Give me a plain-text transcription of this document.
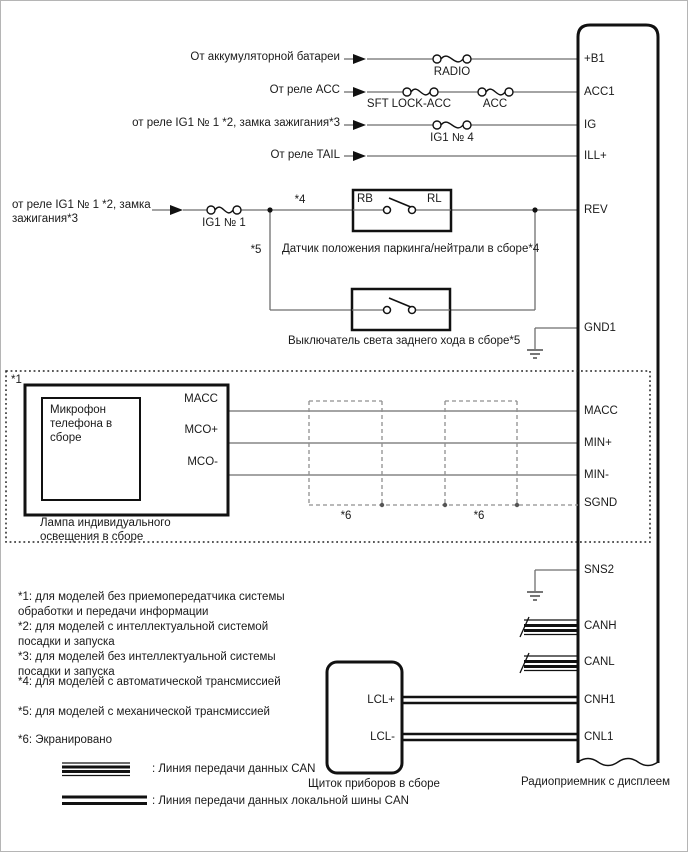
От аккумуляторной батареи
От реле ACC
от реле IG1 № 1 *2, замка зажигания*3
От реле TAIL
от реле IG1 № 1 *2, замка
зажигания*3
RADIO
SFT LOCK-ACC	ACC
IG1 № 4
IG1 № 1
*4
*5
RB	RL
Датчик положения паркинга/нейтрали в сборе*4
Выключатель света заднего хода в сборе*5
*1
Микрофон
телефона в
сборе
MACC
MCO+
MCO-
Лампа индивидуального
освещения в сборе
*6	*6
+B1
ACC1
IG
ILL+
REV
GND1
MACC
MIN+
MIN-
SGND
SNS2
CANH
CANL
CNH1
CNL1
Радиоприемник с дисплеем
LCL+
LCL-
Щиток приборов в сборе
*1: для моделей без приемопередатчика системы
обработки и передачи информации
*2: для моделей с интеллектуальной системой
посадки и запуска
*3: для моделей без интеллектуальной системы
посадки и запуска
*4: для моделей с автоматической трансмиссией
*5: для моделей с механической трансмиссией
*6: Экранировано
: Линия передачи данных CAN
: Линия передачи данных локальной шины CAN
